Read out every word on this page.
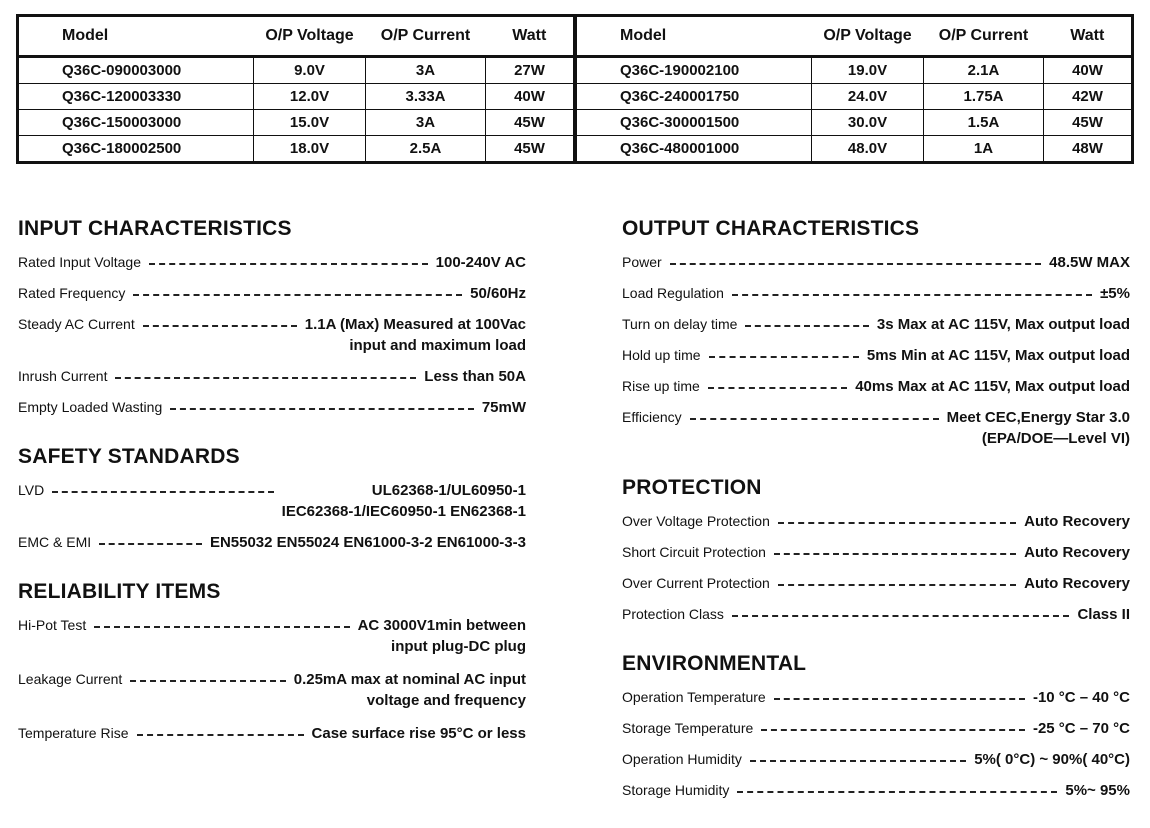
Model	O/P Voltage	O/P Current	Watt
Q36C-090003000	9.0V	3A	27W
Q36C-120003330	12.0V	3.33A	40W
Q36C-150003000	15.0V	3A	45W
Q36C-180002500	18.0V	2.5A	45W
Model	O/P Voltage	O/P Current	Watt
Q36C-190002100	19.0V	2.1A	40W
Q36C-240001750	24.0V	1.75A	42W
Q36C-300001500	30.0V	1.5A	45W
Q36C-480001000	48.0V	1A	48W
INPUT CHARACTERISTICS
Rated Input Voltage	100-240V AC
Rated Frequency	50/60Hz
Steady AC Current	1.1A (Max) Measured at 100Vac
input and maximum load
Inrush Current	Less than 50A
Empty Loaded Wasting	75mW
SAFETY STANDARDS
LVD	UL62368-1/UL60950-1
IEC62368-1/IEC60950-1 EN62368-1
EMC & EMI	EN55032 EN55024 EN61000-3-2 EN61000-3-3
RELIABILITY ITEMS
Hi-Pot Test	AC 3000V1min between
input plug-DC plug
Leakage Current	0.25mA max at nominal AC input
voltage and frequency
Temperature Rise	Case surface rise 95°C or less
OUTPUT CHARACTERISTICS
Power	48.5W MAX
Load Regulation	±5%
Turn on delay time	3s Max at AC 115V, Max output load
Hold up time	5ms Min at AC 115V, Max output load
Rise up time	40ms Max at AC 115V, Max output load
Efficiency	Meet CEC,Energy Star 3.0
(EPA/DOE—Level VI)
PROTECTION
Over Voltage Protection	Auto Recovery
Short Circuit Protection	Auto Recovery
Over Current Protection	Auto Recovery
Protection Class	Class II
ENVIRONMENTAL
Operation Temperature	-10 °C – 40 °C
Storage Temperature	-25 °C – 70 °C
Operation Humidity	5%( 0°C) ~ 90%( 40°C)
Storage Humidity	5%~ 95%
